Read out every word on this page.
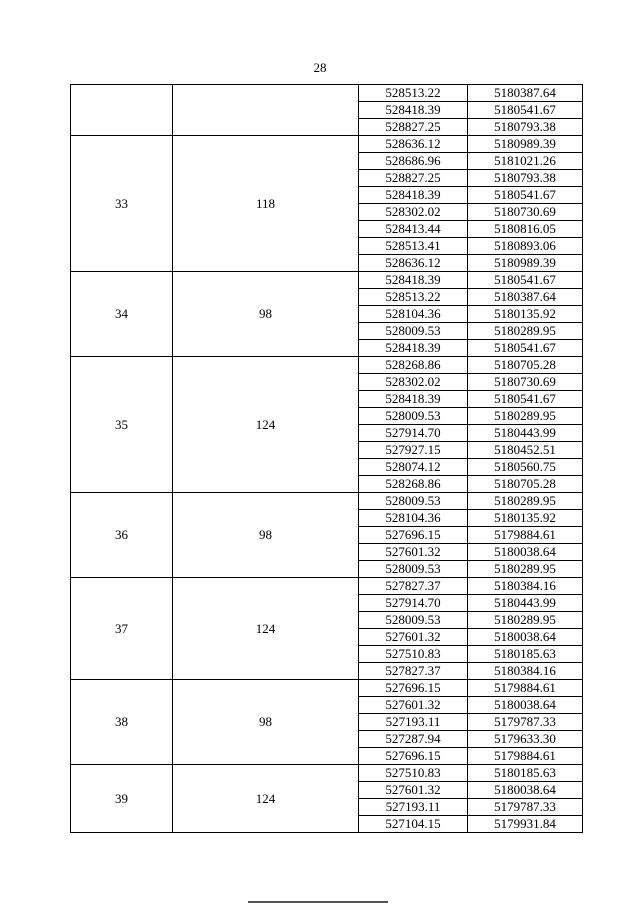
28
		528513.22	5180387.64
		528418.39	5180541.67
		528827.25	5180793.38
33	118	528636.12	5180989.39
		528686.96	5181021.26
		528827.25	5180793.38
		528418.39	5180541.67
		528302.02	5180730.69
		528413.44	5180816.05
		528513.41	5180893.06
		528636.12	5180989.39
34	98	528418.39	5180541.67
		528513.22	5180387.64
		528104.36	5180135.92
		528009.53	5180289.95
		528418.39	5180541.67
35	124	528268.86	5180705.28
		528302.02	5180730.69
		528418.39	5180541.67
		528009.53	5180289.95
		527914.70	5180443.99
		527927.15	5180452.51
		528074.12	5180560.75
		528268.86	5180705.28
36	98	528009.53	5180289.95
		528104.36	5180135.92
		527696.15	5179884.61
		527601.32	5180038.64
		528009.53	5180289.95
37	124	527827.37	5180384.16
		527914.70	5180443.99
		528009.53	5180289.95
		527601.32	5180038.64
		527510.83	5180185.63
		527827.37	5180384.16
38	98	527696.15	5179884.61
		527601.32	5180038.64
		527193.11	5179787.33
		527287.94	5179633.30
		527696.15	5179884.61
39	124	527510.83	5180185.63
		527601.32	5180038.64
		527193.11	5179787.33
		527104.15	5179931.84
